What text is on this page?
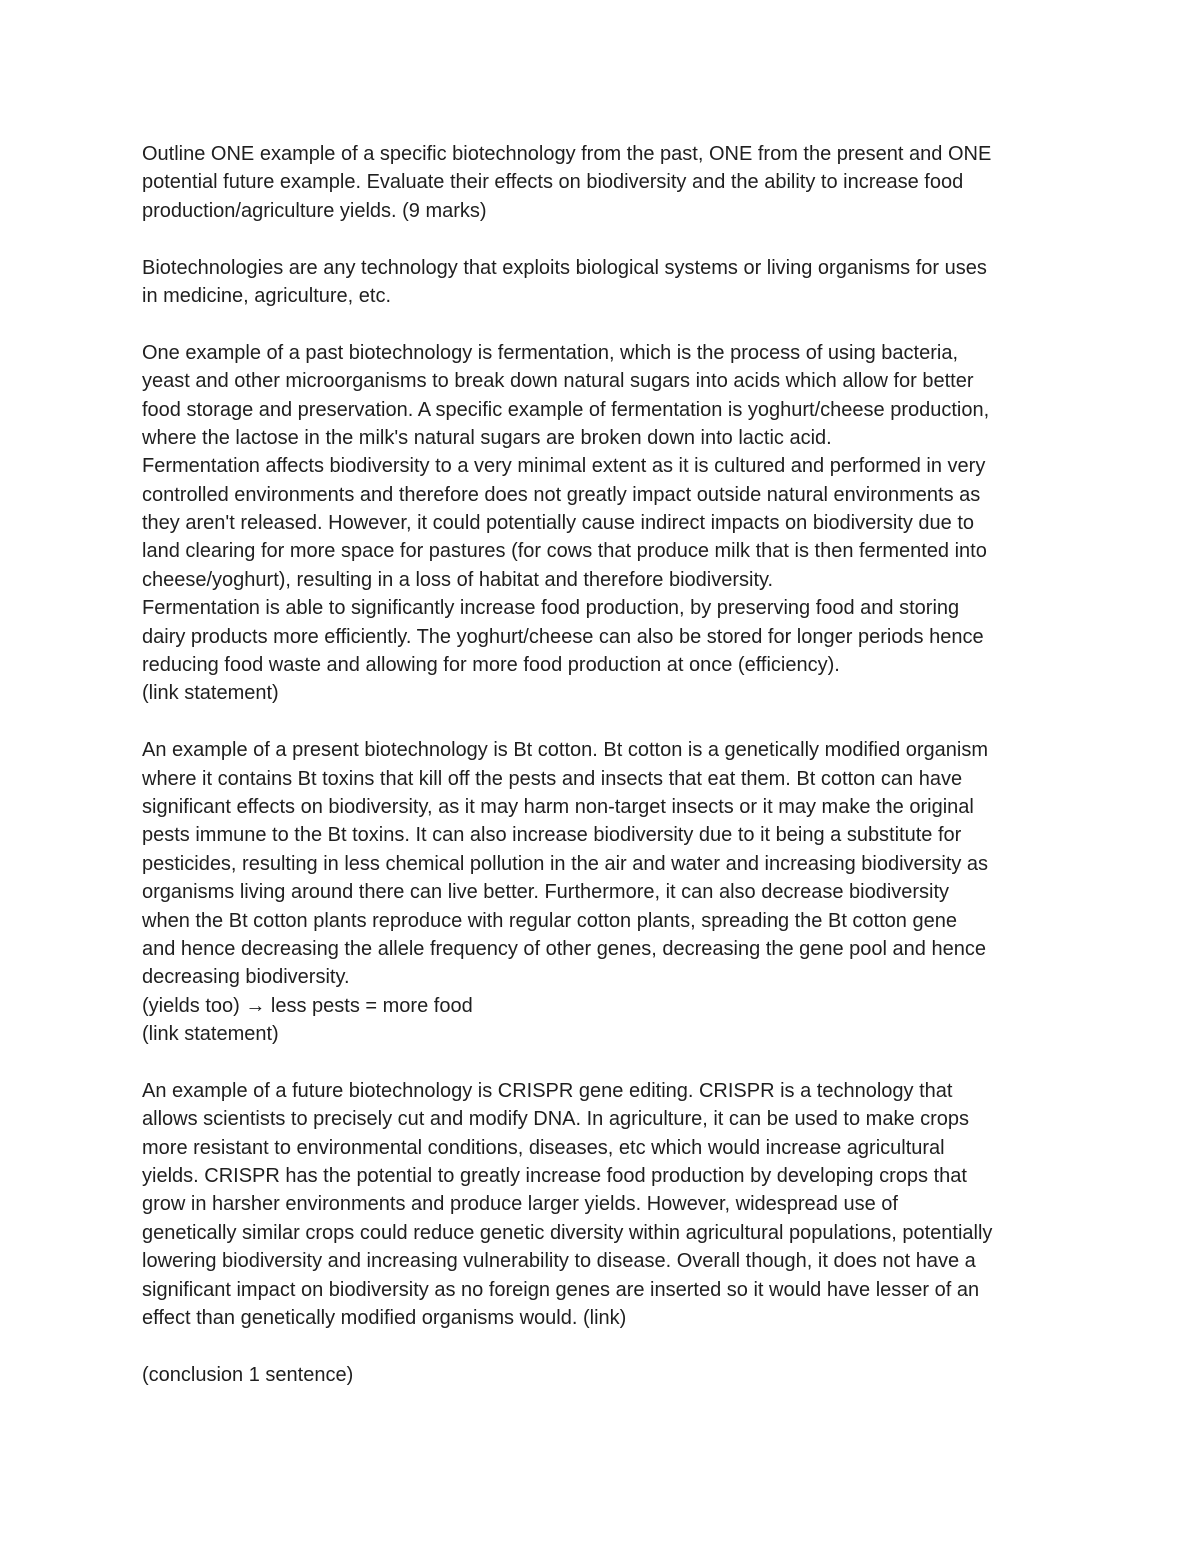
Outline ONE example of a specific biotechnology from the past, ONE from the present and ONE
potential future example. Evaluate their effects on biodiversity and the ability to increase food
production/agriculture yields. (9 marks)
Biotechnologies are any technology that exploits biological systems or living organisms for uses
in medicine, agriculture, etc.
One example of a past biotechnology is fermentation, which is the process of using bacteria,
yeast and other microorganisms to break down natural sugars into acids which allow for better
food storage and preservation. A specific example of fermentation is yoghurt/cheese production,
where the lactose in the milk's natural sugars are broken down into lactic acid.
Fermentation affects biodiversity to a very minimal extent as it is cultured and performed in very
controlled environments and therefore does not greatly impact outside natural environments as
they aren't released. However, it could potentially cause indirect impacts on biodiversity due to
land clearing for more space for pastures (for cows that produce milk that is then fermented into
cheese/yoghurt), resulting in a loss of habitat and therefore biodiversity.
Fermentation is able to significantly increase food production, by preserving food and storing
dairy products more efficiently. The yoghurt/cheese can also be stored for longer periods hence
reducing food waste and allowing for more food production at once (efficiency).
(link statement)
An example of a present biotechnology is Bt cotton. Bt cotton is a genetically modified organism
where it contains Bt toxins that kill off the pests and insects that eat them. Bt cotton can have
significant effects on biodiversity, as it may harm non-target insects or it may make the original
pests immune to the Bt toxins. It can also increase biodiversity due to it being a substitute for
pesticides, resulting in less chemical pollution in the air and water and increasing biodiversity as
organisms living around there can live better. Furthermore, it can also decrease biodiversity
when the Bt cotton plants reproduce with regular cotton plants, spreading the Bt cotton gene
and hence decreasing the allele frequency of other genes, decreasing the gene pool and hence
decreasing biodiversity.
(yields too) → less pests = more food
(link statement)
An example of a future biotechnology is CRISPR gene editing. CRISPR is a technology that
allows scientists to precisely cut and modify DNA. In agriculture, it can be used to make crops
more resistant to environmental conditions, diseases, etc which would increase agricultural
yields. CRISPR has the potential to greatly increase food production by developing crops that
grow in harsher environments and produce larger yields. However, widespread use of
genetically similar crops could reduce genetic diversity within agricultural populations, potentially
lowering biodiversity and increasing vulnerability to disease. Overall though, it does not have a
significant impact on biodiversity as no foreign genes are inserted so it would have lesser of an
effect than genetically modified organisms would. (link)
(conclusion 1 sentence)
